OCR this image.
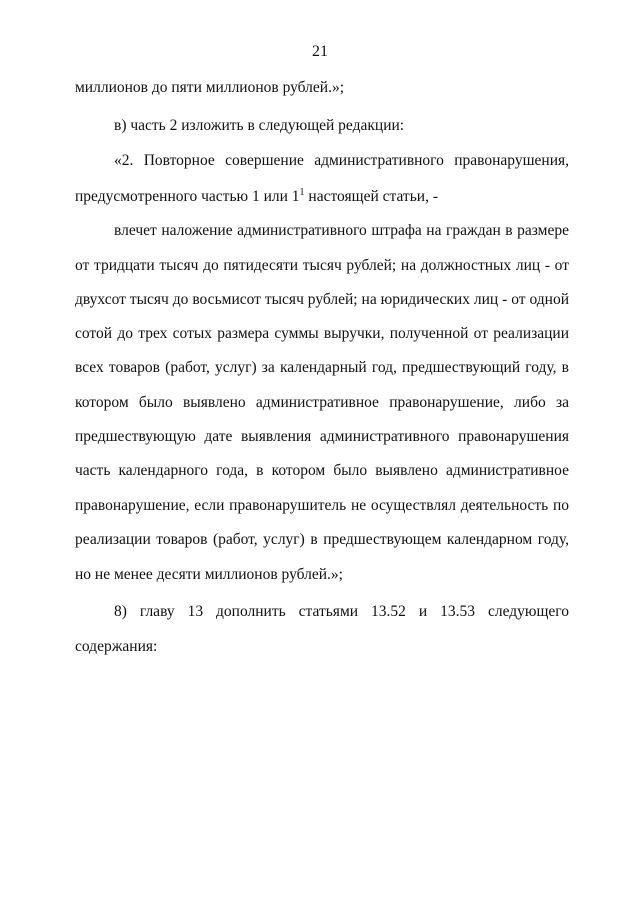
21
миллионов до пяти миллионов рублей.»;
в) часть 2 изложить в следующей редакции:
«2. Повторное совершение административного правонарушения,
предусмотренного частью 1 или $1^1$ настоящей статьи, -
влечет наложение административного штрафа на граждан в размере
от тридцати тысяч до пятидесяти тысяч рублей; на должностных лиц - от
двухсот тысяч до восьмисот тысяч рублей; на юридических лиц - от одной
сотой до трех сотых размера суммы выручки, полученной от реализации
всех товаров (работ, услуг) за календарный год, предшествующий году, в
котором было выявлено административное правонарушение, либо за
предшествующую дате выявления административного правонарушения
часть календарного года, в котором было выявлено административное
правонарушение, если правонарушитель не осуществлял деятельность по
реализации товаров (работ, услуг) в предшествующем календарном году,
но не менее десяти миллионов рублей.»;
8) главу 13 дополнить статьями 13.52 и 13.53 следующего
содержания:
